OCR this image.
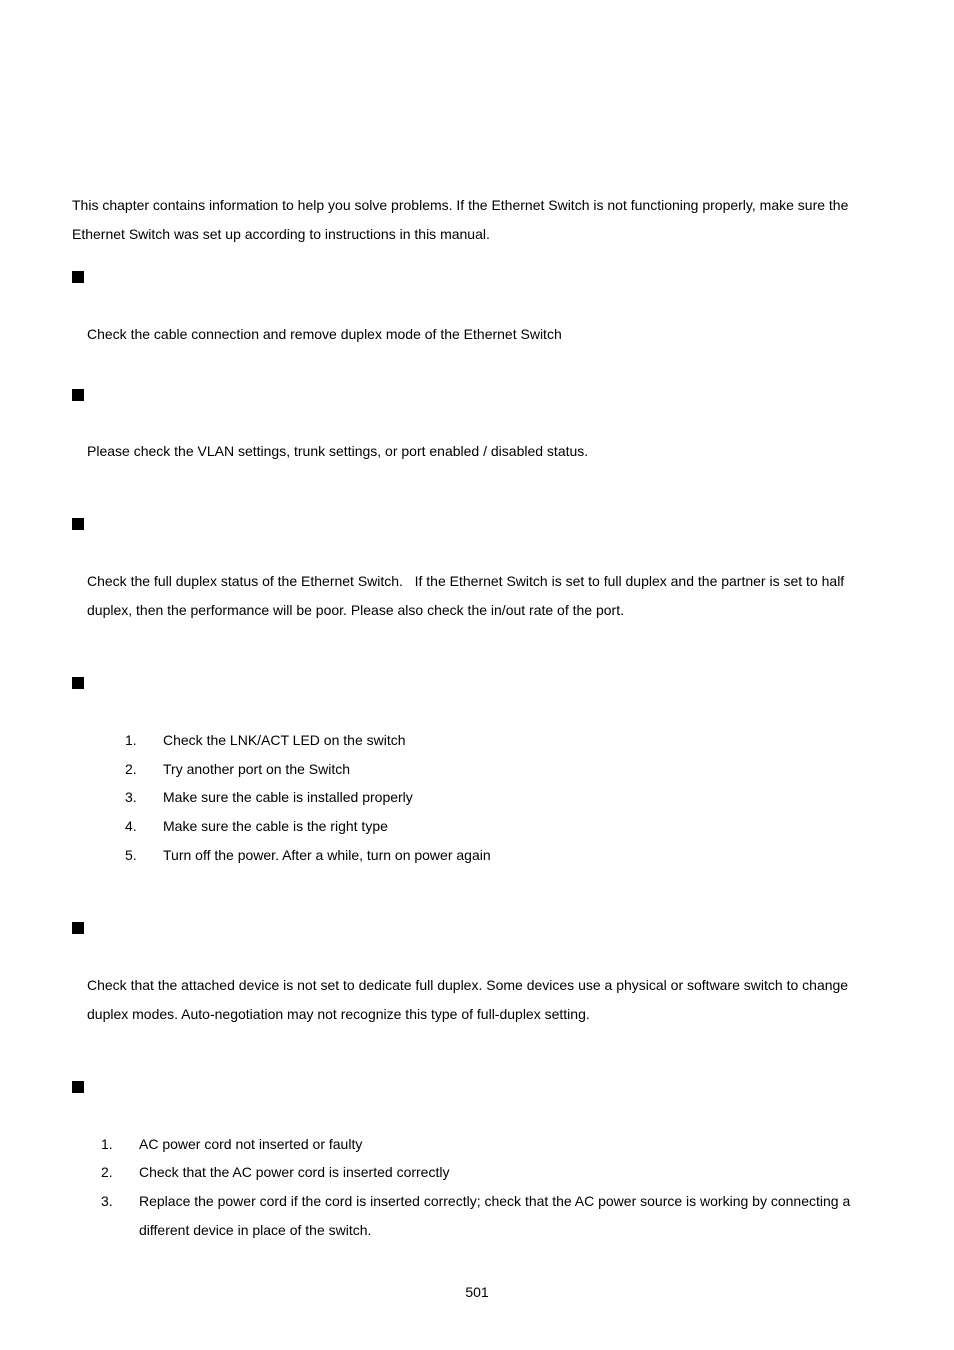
This chapter contains information to help you solve problems. If the Ethernet Switch is not functioning properly, make sure the Ethernet Switch was set up according to instructions in this manual.
Check the cable connection and remove duplex mode of the Ethernet Switch
Please check the VLAN settings, trunk settings, or port enabled / disabled status.
Check the full duplex status of the Ethernet Switch.   If the Ethernet Switch is set to full duplex and the partner is set to half duplex, then the performance will be poor. Please also check the in/out rate of the port.
1. Check the LNK/ACT LED on the switch
2. Try another port on the Switch
3. Make sure the cable is installed properly
4. Make sure the cable is the right type
5. Turn off the power. After a while, turn on power again
Check that the attached device is not set to dedicate full duplex. Some devices use a physical or software switch to change duplex modes. Auto-negotiation may not recognize this type of full-duplex setting.
1. AC power cord not inserted or faulty
2. Check that the AC power cord is inserted correctly
3. Replace the power cord if the cord is inserted correctly; check that the AC power source is working by connecting a different device in place of the switch.
501
